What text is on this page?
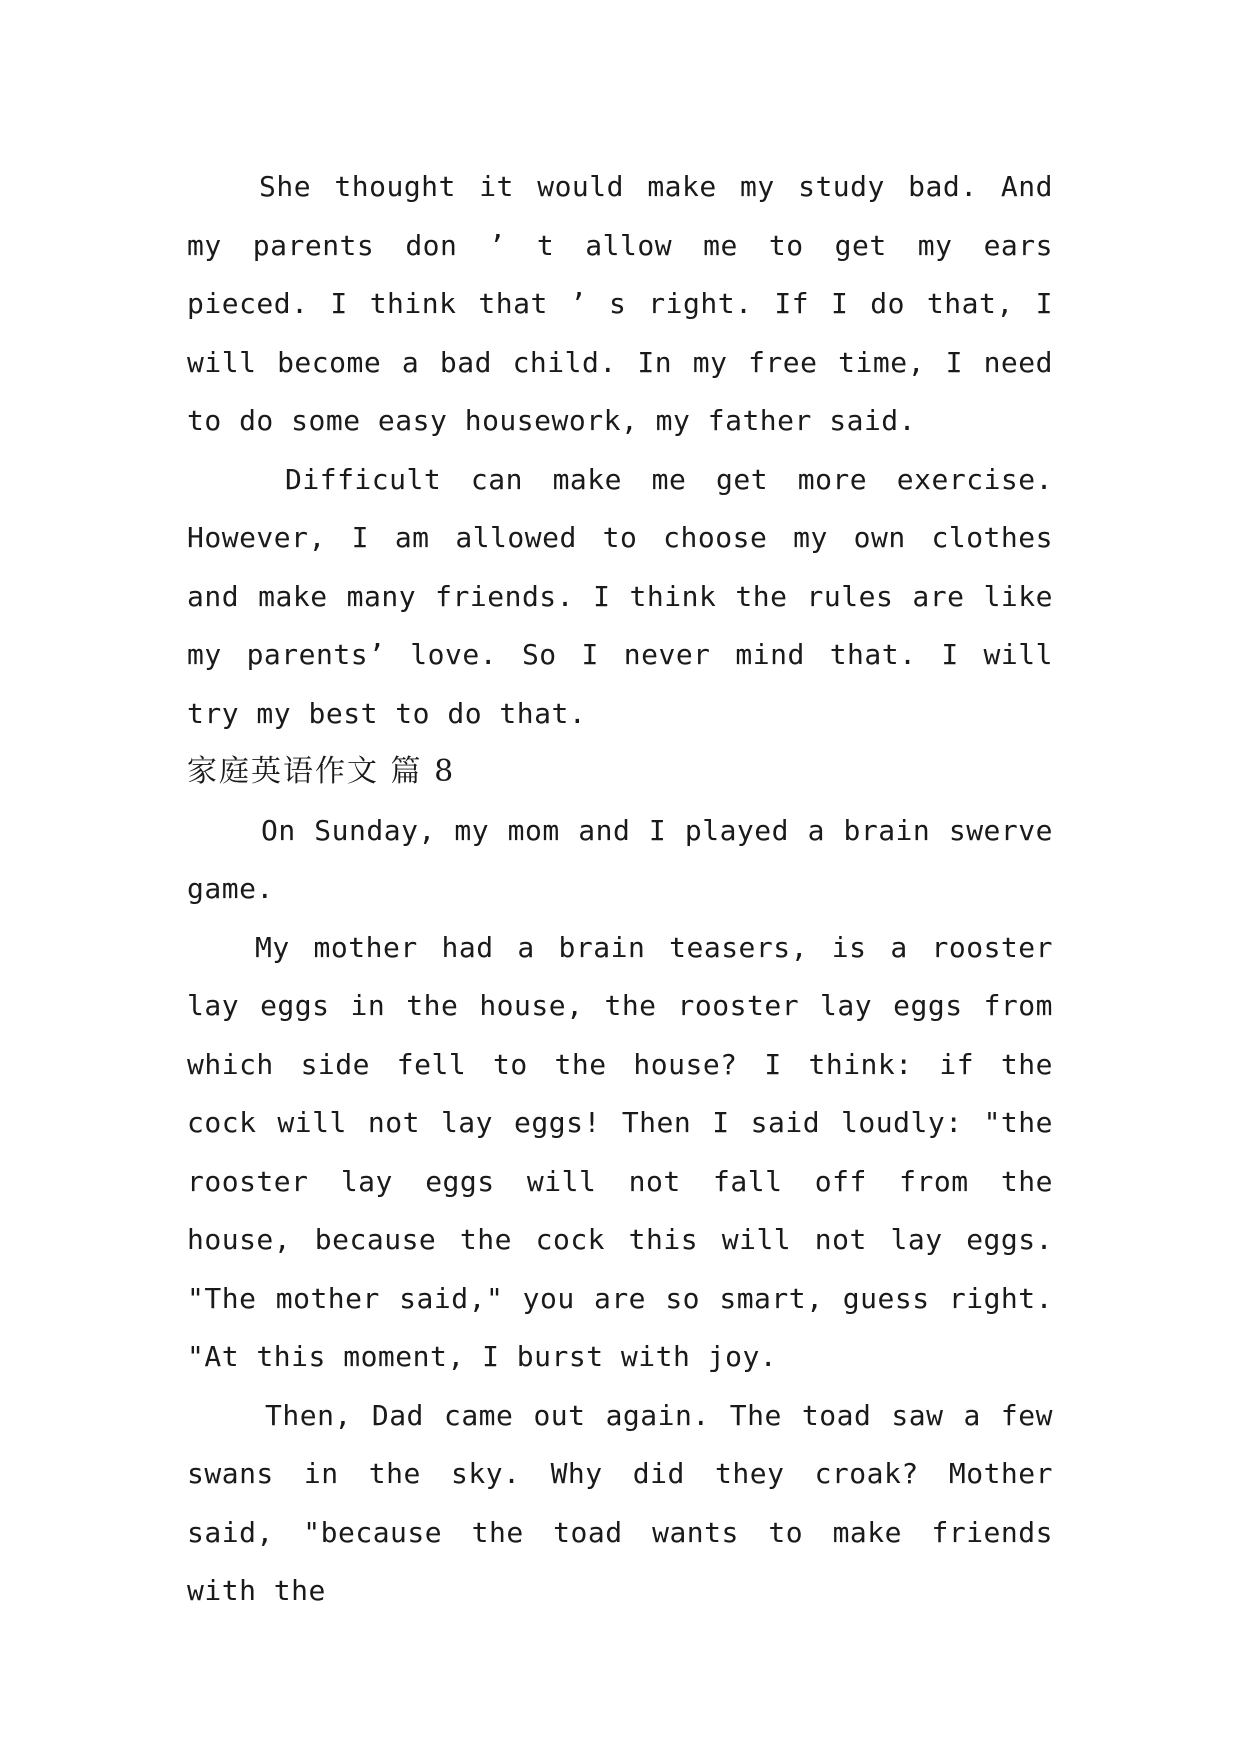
She thought it would make my study bad. And my parents don ’ t allow me to get my ears pieced. I think that ’ s right. If I do that, I will become a bad child. In my free time, I need to do some easy housework, my father said.

Difficult can make me get more exercise. However, I am allowed to choose my own clothes and make many friends. I think the rules are like my parents’ love. So I never mind that. I will try my best to do that.

家庭英语作文 篇 8

On Sunday, my mom and I played a brain swerve game.

My mother had a brain teasers, is a rooster lay eggs in the house, the rooster lay eggs from which side fell to the house? I think: if the cock will not lay eggs! Then I said loudly: "the rooster lay eggs will not fall off from the house, because the cock this will not lay eggs. "The mother said," you are so smart, guess right. "At this moment, I burst with joy.

Then, Dad came out again. The toad saw a few swans in the sky. Why did they croak? Mother said, "because the toad wants to make friends with the
